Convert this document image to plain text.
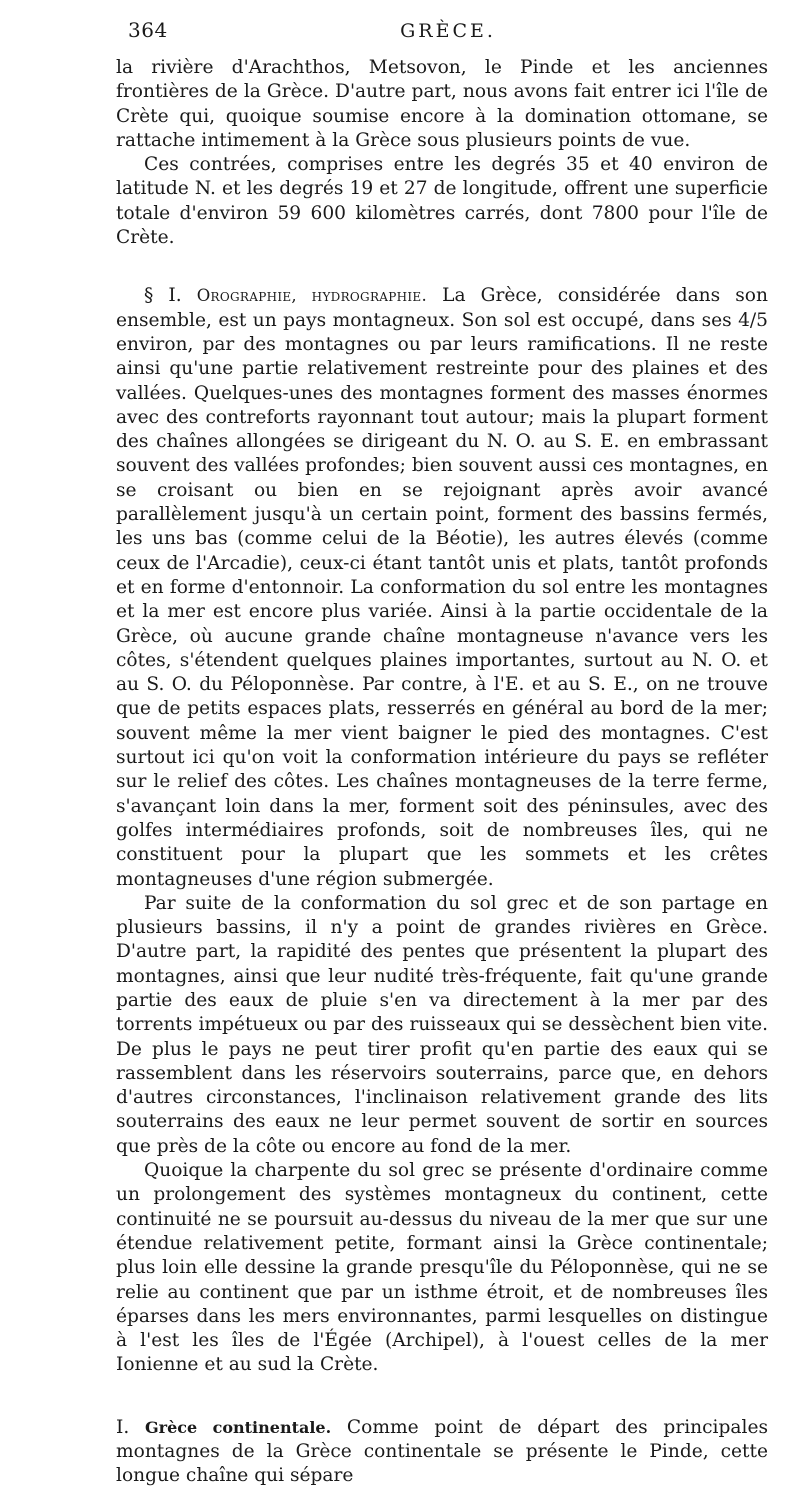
364	GRÈCE.

la rivière d'Arachthos, Metsovon, le Pinde et les anciennes frontières de la Grèce. D'autre part, nous avons fait entrer ici l'île de Crète qui, quoique soumise encore à la domination ottomane, se rattache intimement à la Grèce sous plusieurs points de vue.

Ces contrées, comprises entre les degrés 35 et 40 environ de latitude N. et les degrés 19 et 27 de longitude, offrent une superficie totale d'environ 59 600 kilomètres carrés, dont 7800 pour l'île de Crète.

§ I. Orographie, hydrographie. La Grèce, considérée dans son ensemble, est un pays montagneux. Son sol est occupé, dans ses 4/5 environ, par des montagnes ou par leurs ramifications. Il ne reste ainsi qu'une partie relativement restreinte pour des plaines et des vallées. Quelques-unes des montagnes forment des masses énormes avec des contreforts rayonnant tout autour; mais la plupart forment des chaînes allongées se dirigeant du N. O. au S. E. en embrassant souvent des vallées profondes; bien souvent aussi ces montagnes, en se croisant ou bien en se rejoignant après avoir avancé parallèlement jusqu'à un certain point, forment des bassins fermés, les uns bas (comme celui de la Béotie), les autres élevés (comme ceux de l'Arcadie), ceux-ci étant tantôt unis et plats, tantôt profonds et en forme d'entonnoir. La conformation du sol entre les montagnes et la mer est encore plus variée. Ainsi à la partie occidentale de la Grèce, où aucune grande chaîne montagneuse n'avance vers les côtes, s'étendent quelques plaines importantes, surtout au N. O. et au S. O. du Péloponnèse. Par contre, à l'E. et au S. E., on ne trouve que de petits espaces plats, resserrés en général au bord de la mer; souvent même la mer vient baigner le pied des montagnes. C'est surtout ici qu'on voit la conformation intérieure du pays se refléter sur le relief des côtes. Les chaînes montagneuses de la terre ferme, s'avançant loin dans la mer, forment soit des péninsules, avec des golfes intermédiaires profonds, soit de nombreuses îles, qui ne constituent pour la plupart que les sommets et les crêtes montagneuses d'une région submergée.

Par suite de la conformation du sol grec et de son partage en plusieurs bassins, il n'y a point de grandes rivières en Grèce. D'autre part, la rapidité des pentes que présentent la plupart des montagnes, ainsi que leur nudité très-fréquente, fait qu'une grande partie des eaux de pluie s'en va directement à la mer par des torrents impétueux ou par des ruisseaux qui se dessèchent bien vite. De plus le pays ne peut tirer profit qu'en partie des eaux qui se rassemblent dans les réservoirs souterrains, parce que, en dehors d'autres circonstances, l'inclinaison relativement grande des lits souterrains des eaux ne leur permet souvent de sortir en sources que près de la côte ou encore au fond de la mer.

Quoique la charpente du sol grec se présente d'ordinaire comme un prolongement des systèmes montagneux du continent, cette continuité ne se poursuit au-dessus du niveau de la mer que sur une étendue relativement petite, formant ainsi la Grèce continentale; plus loin elle dessine la grande presqu'île du Péloponnèse, qui ne se relie au continent que par un isthme étroit, et de nombreuses îles éparses dans les mers environnantes, parmi lesquelles on distingue à l'est les îles de l'Égée (Archipel), à l'ouest celles de la mer Ionienne et au sud la Crète.

I. Grèce continentale. Comme point de départ des principales montagnes de la Grèce continentale se présente le Pinde, cette longue chaîne qui sépare
